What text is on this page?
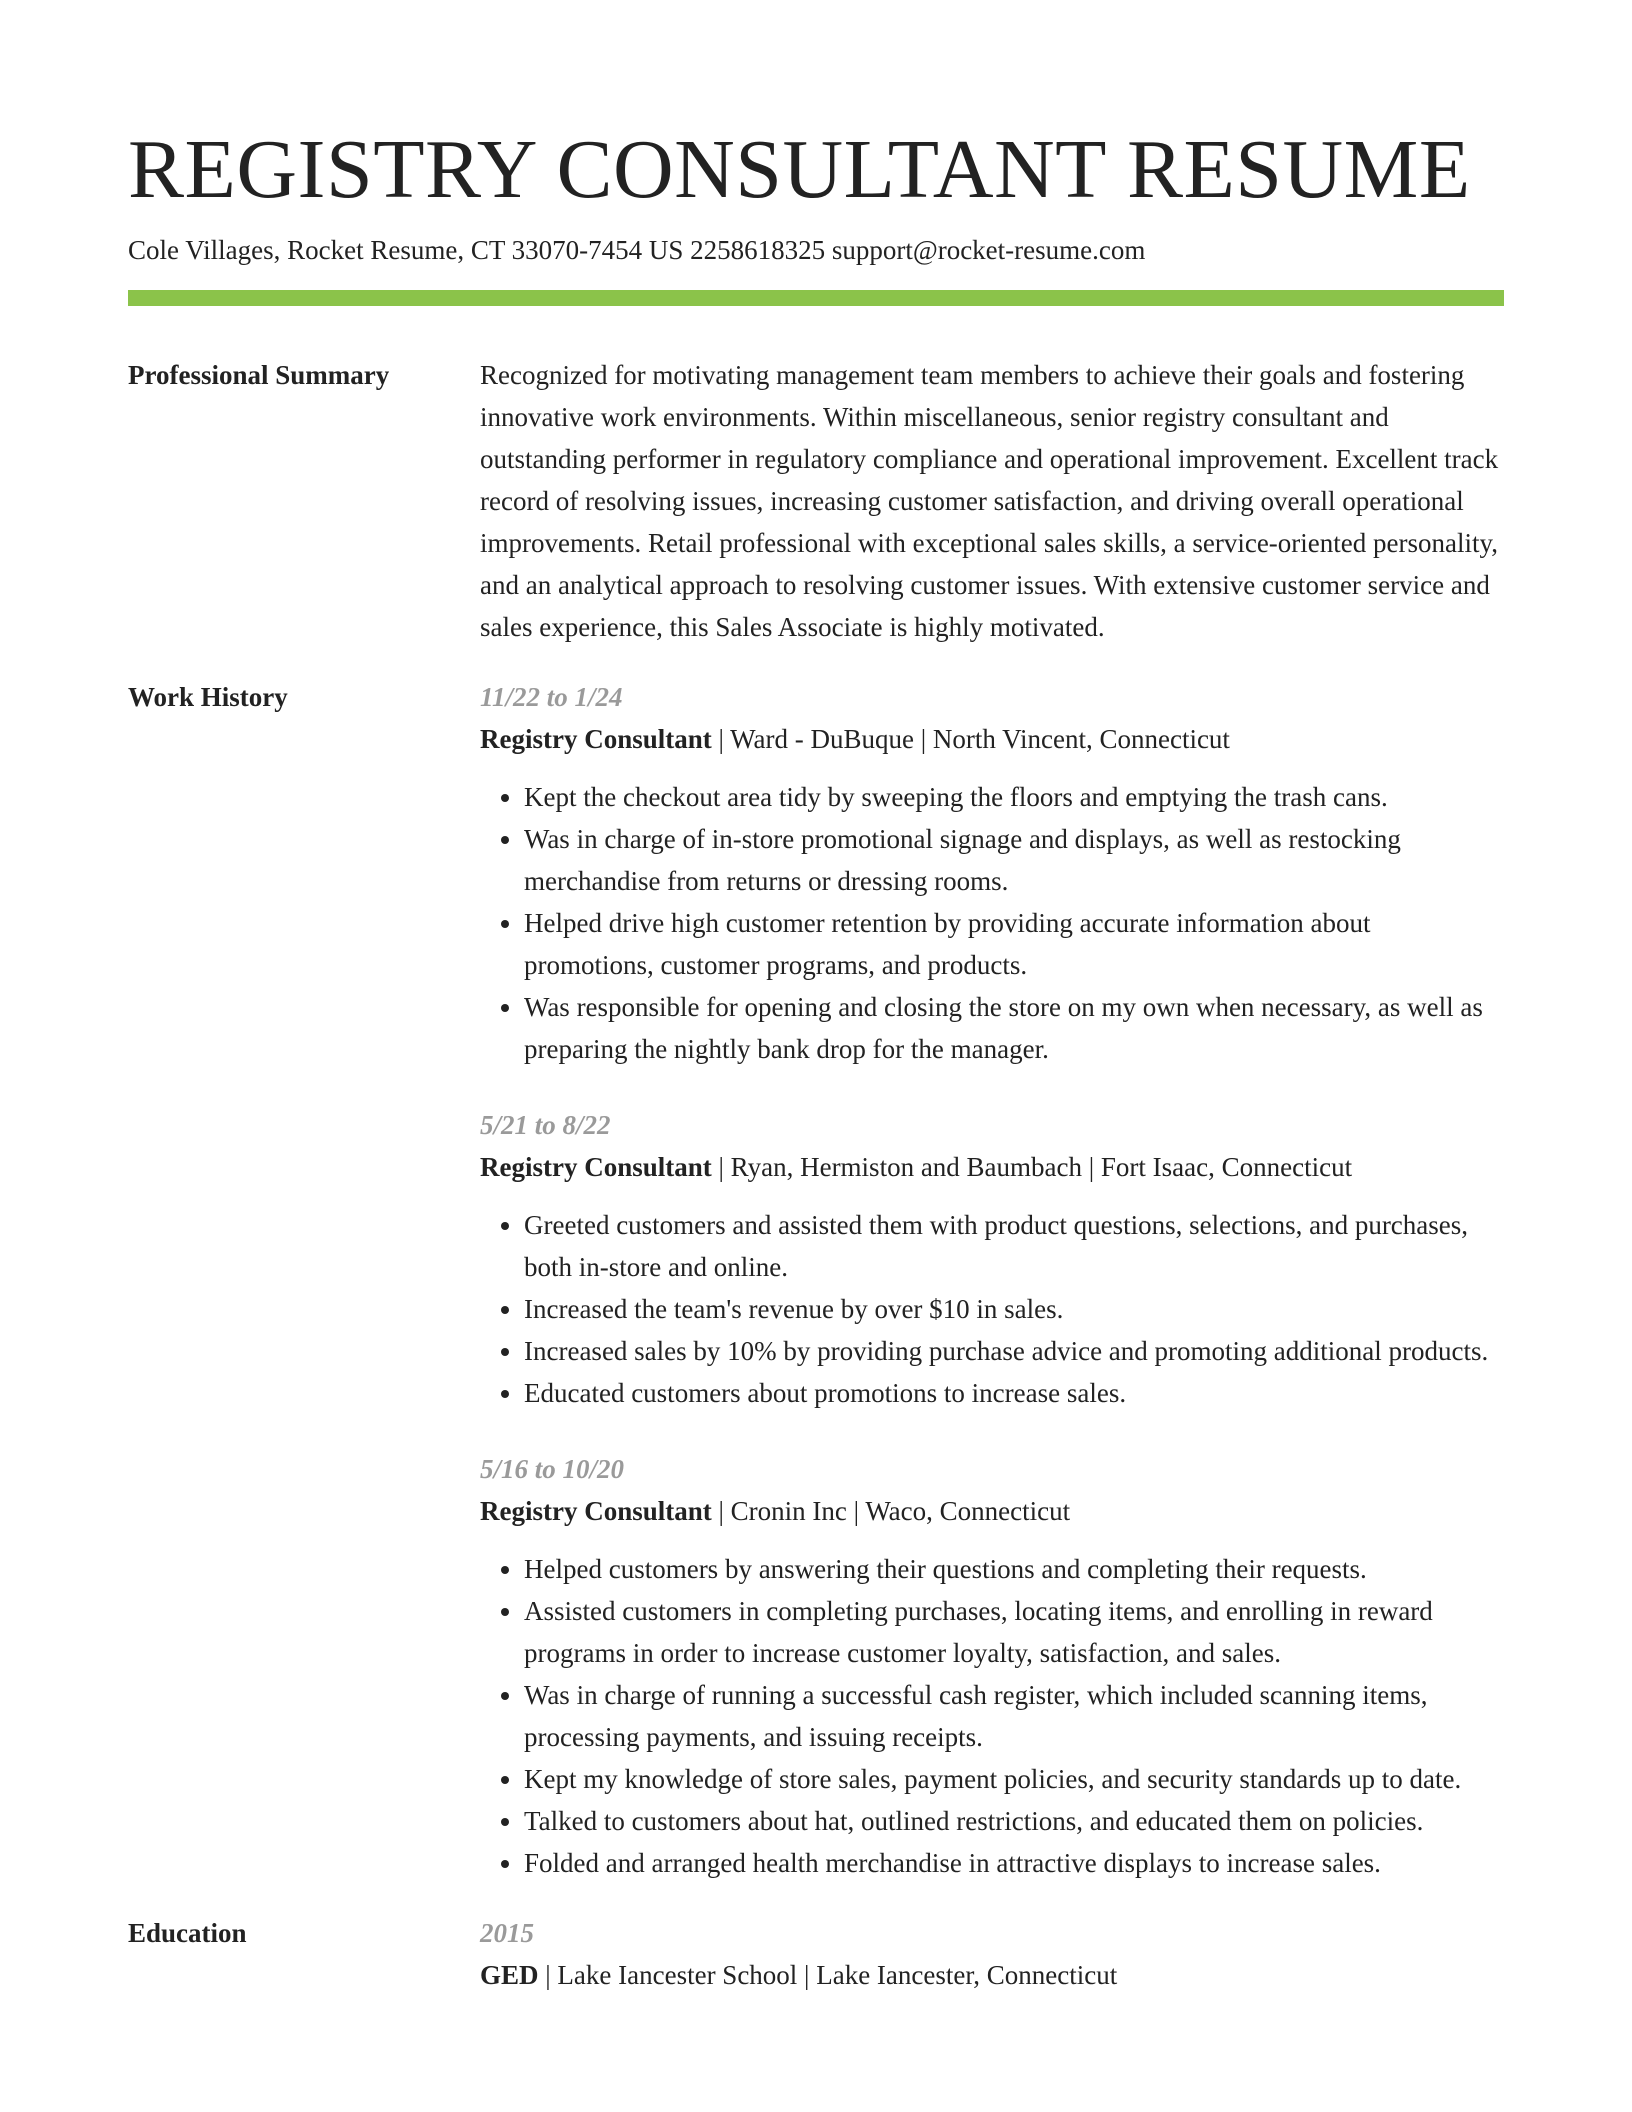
REGISTRY CONSULTANT RESUME
Cole Villages, Rocket Resume, CT 33070-7454 US 2258618325 support@rocket-resume.com
Professional Summary	Recognized for motivating management team members to achieve their goals and fostering innovative work environments. Within miscellaneous, senior registry consultant and outstanding performer in regulatory compliance and operational improvement. Excellent track record of resolving issues, increasing customer satisfaction, and driving overall operational improvements. Retail professional with exceptional sales skills, a service-oriented personality, and an analytical approach to resolving customer issues. With extensive customer service and sales experience, this Sales Associate is highly motivated.
Work History	11/22 to 1/24
Registry Consultant | Ward - DuBuque | North Vincent, Connecticut
• Kept the checkout area tidy by sweeping the floors and emptying the trash cans.
• Was in charge of in-store promotional signage and displays, as well as restocking merchandise from returns or dressing rooms.
• Helped drive high customer retention by providing accurate information about promotions, customer programs, and products.
• Was responsible for opening and closing the store on my own when necessary, as well as preparing the nightly bank drop for the manager.
5/21 to 8/22
Registry Consultant | Ryan, Hermiston and Baumbach | Fort Isaac, Connecticut
• Greeted customers and assisted them with product questions, selections, and purchases, both in-store and online.
• Increased the team's revenue by over $10 in sales.
• Increased sales by 10% by providing purchase advice and promoting additional products.
• Educated customers about promotions to increase sales.
5/16 to 10/20
Registry Consultant | Cronin Inc | Waco, Connecticut
• Helped customers by answering their questions and completing their requests.
• Assisted customers in completing purchases, locating items, and enrolling in reward programs in order to increase customer loyalty, satisfaction, and sales.
• Was in charge of running a successful cash register, which included scanning items, processing payments, and issuing receipts.
• Kept my knowledge of store sales, payment policies, and security standards up to date.
• Talked to customers about hat, outlined restrictions, and educated them on policies.
• Folded and arranged health merchandise in attractive displays to increase sales.
Education	2015
GED | Lake Iancester School | Lake Iancester, Connecticut
